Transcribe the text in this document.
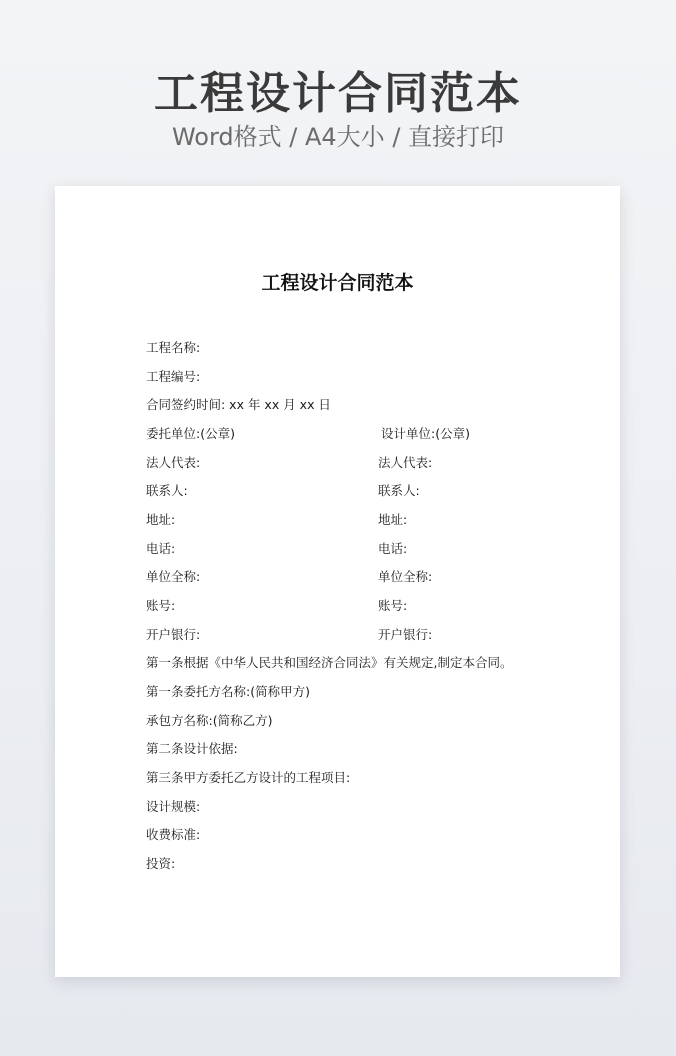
工程设计合同范本
Word格式 / A4大小 / 直接打印
工程设计合同范本
工程名称:
工程编号:
合同签约时间: xx 年 xx 月 xx 日
委托单位:(公章)	设计单位:(公章)
法人代表:	法人代表:
联系人:	联系人:
地址:	地址:
电话:	电话:
单位全称:	单位全称:
账号:	账号:
开户银行:	开户银行:
第一条根据《中华人民共和国经济合同法》有关规定,制定本合同。
第一条委托方名称:(简称甲方)
承包方名称:(简称乙方)
第二条设计依据:
第三条甲方委托乙方设计的工程项目:
设计规模:
收费标准:
投资:
